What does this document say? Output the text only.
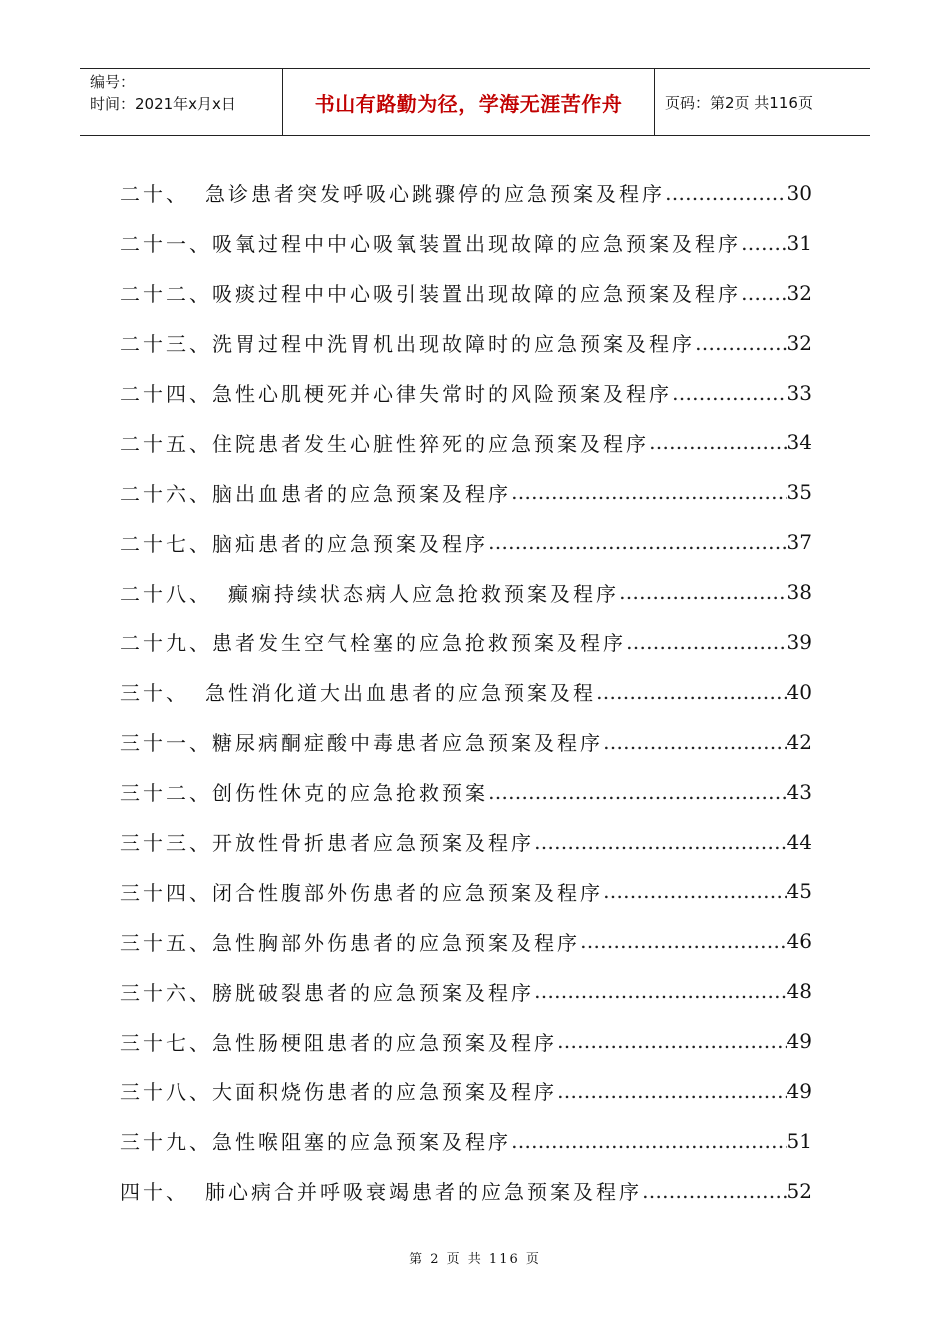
编号：
时间：2021年x月x日	书山有路勤为径，学海无涯苦作舟	页码：第2页 共116页
二十、 急诊患者突发呼吸心跳骤停的应急预案及程序 …………………………………………………………………………………………………………	30
二十一、 吸氧过程中中心吸氧装置出现故障的应急预案及程序 ………………………………………………………………………………………………………… 31
二十二、 吸痰过程中中心吸引装置出现故障的应急预案及程序 ………………………………………………………………………………………………………… 32
二十三、 洗胃过程中洗胃机出现故障时的应急预案及程序 …………………………………………………………………………………………………………	32
二十四、 急性心肌梗死并心律失常时的风险预案及程序 …………………………………………………………………………………………………………	33
二十五、 住院患者发生心脏性猝死的应急预案及程序 …………………………………………………………………………………………………………	34
二十六、 脑出血患者的应急预案及程序 …………………………………………………………………………………………………………	35
二十七、 脑疝患者的应急预案及程序 …………………………………………………………………………………………………………	37
二十八、 癫痫持续状态病人应急抢救预案及程序 …………………………………………………………………………………………………………	38
二十九、 患者发生空气栓塞的应急抢救预案及程序 …………………………………………………………………………………………………………	39
三十、 急性消化道大出血患者的应急预案及程 …………………………………………………………………………………………………………	40
三十一、 糖尿病酮症酸中毒患者应急预案及程序 …………………………………………………………………………………………………………	42
三十二、 创伤性休克的应急抢救预案 …………………………………………………………………………………………………………	43
三十三、 开放性骨折患者应急预案及程序 …………………………………………………………………………………………………………	44
三十四、 闭合性腹部外伤患者的应急预案及程序 …………………………………………………………………………………………………………	45
三十五、 急性胸部外伤患者的应急预案及程序 …………………………………………………………………………………………………………	46
三十六、 膀胱破裂患者的应急预案及程序 …………………………………………………………………………………………………………	48
三十七、 急性肠梗阻患者的应急预案及程序 …………………………………………………………………………………………………………	49
三十八、 大面积烧伤患者的应急预案及程序 …………………………………………………………………………………………………………	49
三十九、 急性喉阻塞的应急预案及程序 …………………………………………………………………………………………………………	51
四十、 肺心病合并呼吸衰竭患者的应急预案及程序 …………………………………………………………………………………………………………	52
第 2 页 共 116 页
